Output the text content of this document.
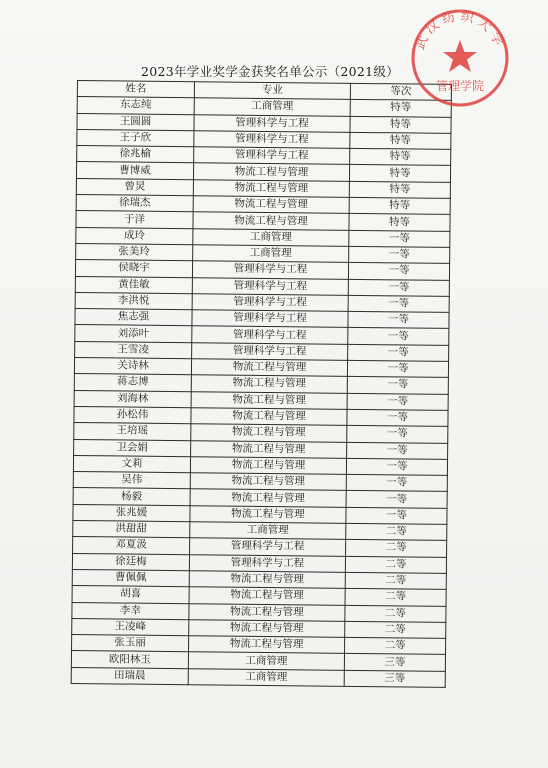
2023年学业奖学金获奖名单公示（2021级）
姓名	专业	等次
东志纯	工商管理	特等
王圆圆	管理科学与工程	特等
王子欣	管理科学与工程	特等
徐兆榆	管理科学与工程	特等
曹博威	物流工程与管理	特等
曾炅	物流工程与管理	特等
徐瑞杰	物流工程与管理	特等
于洋	物流工程与管理	特等
成玲	工商管理	一等
张美玲	工商管理	一等
侯晓宇	管理科学与工程	一等
黄佳敏	管理科学与工程	一等
李洪悦	管理科学与工程	一等
焦志强	管理科学与工程	一等
刘添叶	管理科学与工程	一等
王雪凌	管理科学与工程	一等
关诗林	物流工程与管理	一等
蒋志博	物流工程与管理	一等
刘海林	物流工程与管理	一等
孙松伟	物流工程与管理	一等
王培瑶	物流工程与管理	一等
卫会娟	物流工程与管理	一等
文莉	物流工程与管理	一等
吴伟	物流工程与管理	一等
杨毅	物流工程与管理	一等
张兆媛	物流工程与管理	一等
洪甜甜	工商管理	二等
邓夏汲	管理科学与工程	二等
徐廷梅	管理科学与工程	二等
曹佩佩	物流工程与管理	二等
胡喜	物流工程与管理	二等
李幸	物流工程与管理	二等
王凌峰	物流工程与管理	二等
张玉丽	物流工程与管理	二等
欧阳林玉	工商管理	三等
田瑞晨	工商管理	三等
武汉纺织大学
管理学院
